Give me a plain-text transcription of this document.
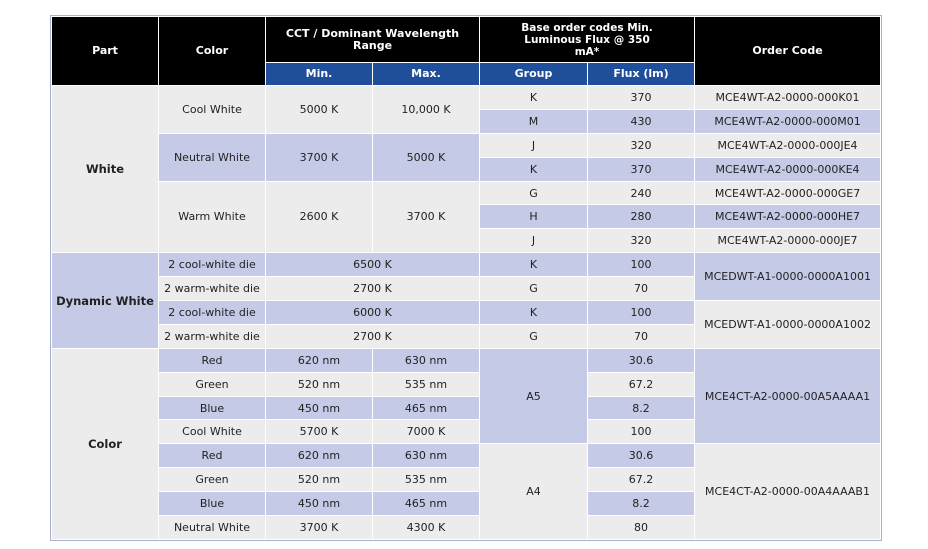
Part	Color	CCT / Dominant Wavelength Range		Base order codes Min. Luminous Flux @ 350 mA*		Order Code
		Min.	Max.	Group	Flux (lm)	
White	Cool White	5000 K	10,000 K	K	370	MCE4WT-A2-0000-000K01
				M	430	MCE4WT-A2-0000-000M01
	Neutral White	3700 K	5000 K	J	320	MCE4WT-A2-0000-000JE4
				K	370	MCE4WT-A2-0000-000KE4
	Warm White	2600 K	3700 K	G	240	MCE4WT-A2-0000-000GE7
				H	280	MCE4WT-A2-0000-000HE7
				J	320	MCE4WT-A2-0000-000JE7
Dynamic White	2 cool-white die	6500 K		K	100	MCEDWT-A1-0000-0000A1001
	2 warm-white die	2700 K		G	70	
	2 cool-white die	6000 K		K	100	MCEDWT-A1-0000-0000A1002
	2 warm-white die	2700 K		G	70	
Color	Red	620 nm	630 nm	A5	30.6	MCE4CT-A2-0000-00A5AAAA1
	Green	520 nm	535 nm		67.2	
	Blue	450 nm	465 nm		8.2	
	Cool White	5700 K	7000 K		100	
	Red	620 nm	630 nm	A4	30.6	MCE4CT-A2-0000-00A4AAAB1
	Green	520 nm	535 nm		67.2	
	Blue	450 nm	465 nm		8.2	
	Neutral White	3700 K	4300 K		80	
